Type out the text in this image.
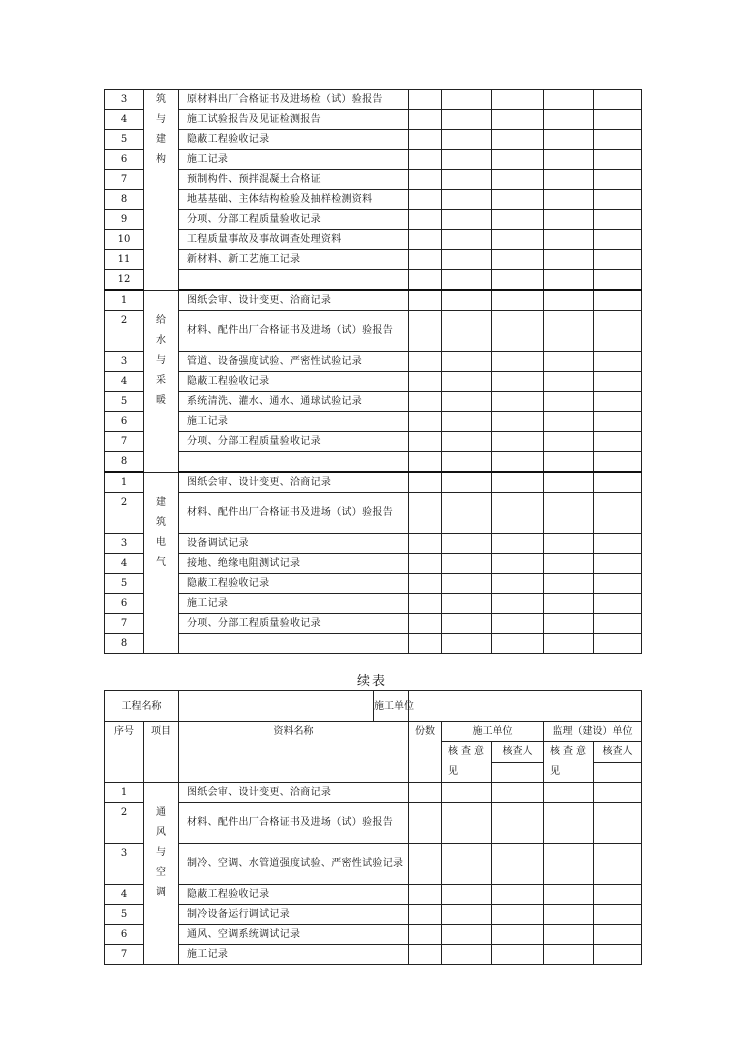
3	筑与建构	原材料出厂合格证书及进场检（试）验报告					
4		施工试验报告及见证检测报告					
5		隐蔽工程验收记录					
6		施工记录					
7		预制构件、预拌混凝土合格证					
8		地基基础、主体结构检验及抽样检测资料					
9		分项、分部工程质量验收记录					
10		工程质量事故及事故调查处理资料					
11		新材料、新工艺施工记录					
12							
1	给水与采暖	图纸会审、设计变更、洽商记录					
2		材料、配件出厂合格证书及进场（试）验报告					
3		管道、设备强度试验、严密性试验记录					
4		隐蔽工程验收记录					
5		系统清洗、灌水、通水、通球试验记录					
6		施工记录					
7		分项、分部工程质量验收记录					
8							
1	建筑电气	图纸会审、设计变更、洽商记录					
2		材料、配件出厂合格证书及进场（试）验报告					
3		设备调试记录					
4		接地、绝缘电阻测试记录					
5		隐蔽工程验收记录					
6		施工记录					
7		分项、分部工程质量验收记录					
8							
续表
工程名称			施工单位					
序号	项目	资料名称		份数	施工单位		监理（建设）单位	
					核查意见	核查人	核查意见	核查人

1	通风与空调	图纸会审、设计变更、洽商记录						
2		材料、配件出厂合格证书及进场（试）验报告						
3		制冷、空调、水管道强度试验、严密性试验记录						
4		隐蔽工程验收记录						
5		制冷设备运行调试记录						
6		通风、空调系统调试记录						
7		施工记录						
